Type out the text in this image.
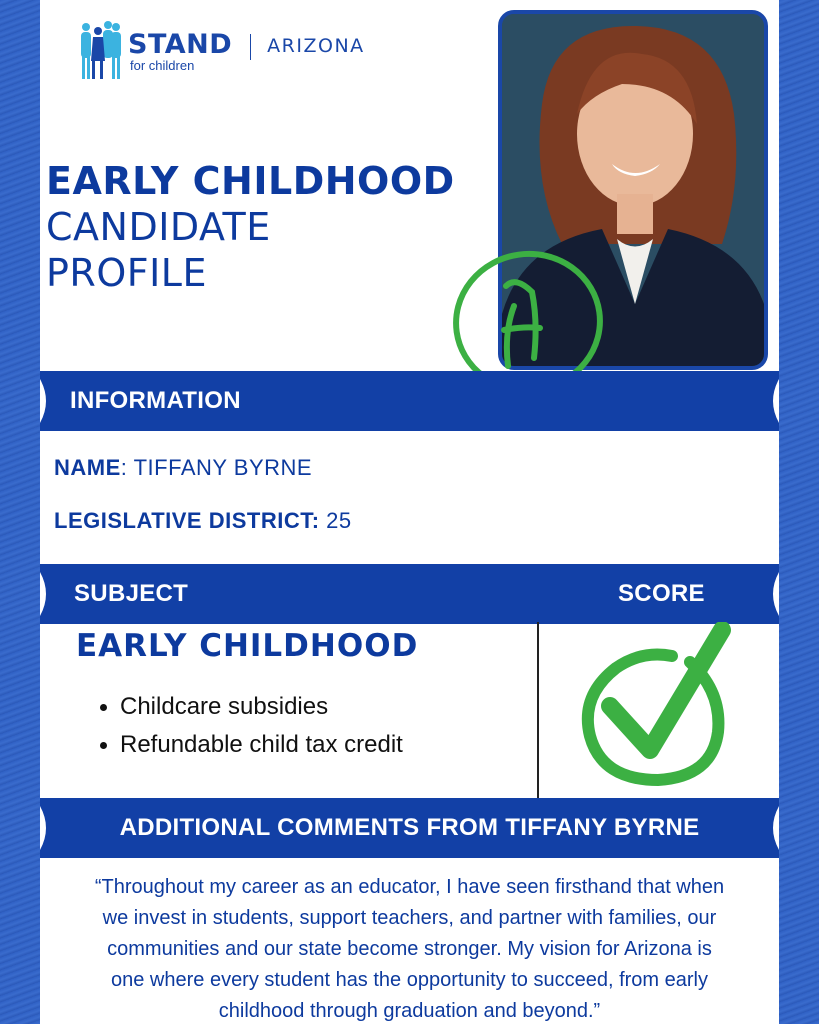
STAND
for children
ARIZONA
EARLY CHILDHOOD
CANDIDATE
PROFILE
INFORMATION
NAME: TIFFANY BYRNE
LEGISLATIVE DISTRICT: 25
SUBJECT	SCORE
EARLY CHILDHOOD
Childcare subsidies
Refundable child tax credit
ADDITIONAL COMMENTS FROM TIFFANY BYRNE
“Throughout my career as an educator, I have seen firsthand that when
we invest in students, support teachers, and partner with families, our
communities and our state become stronger. My vision for Arizona is
one where every student has the opportunity to succeed, from early
childhood through graduation and beyond.”
